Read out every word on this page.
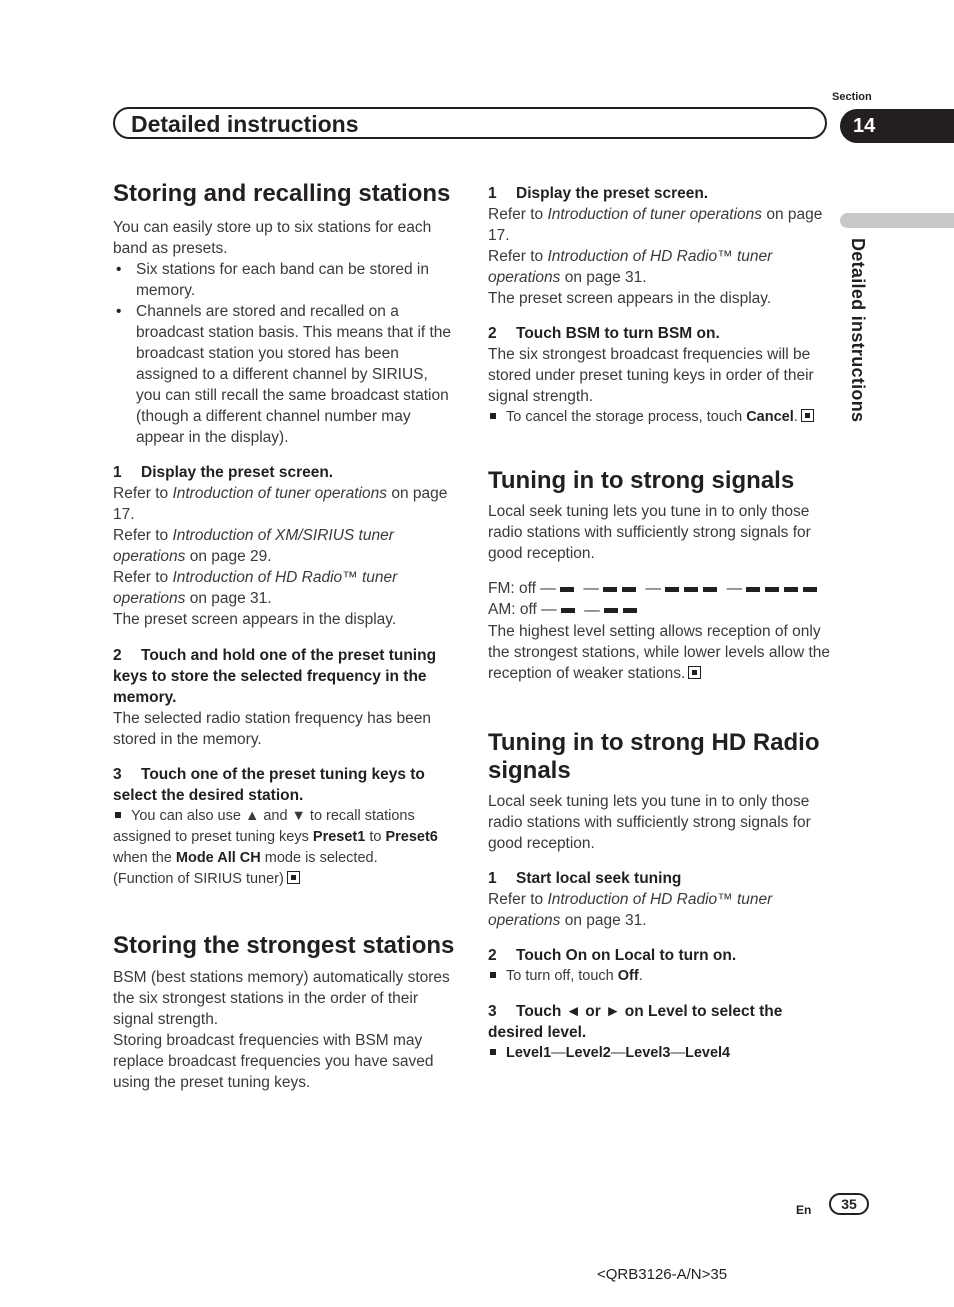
Detailed instructions
Section
14
Detailed instructions
Storing and recalling stations

You can easily store up to six stations for each band as presets.

• Six stations for each band can be stored in memory.
• Channels are stored and recalled on a broadcast station basis. This means that if the broadcast station you stored has been assigned to a different channel by SIRIUS, you can still recall the same broadcast station (though a different channel number may appear in the display).

1 Display the preset screen.

Refer to Introduction of tuner operations on page 17.

Refer to Introduction of XM/SIRIUS tuner operations on page 29.

Refer to Introduction of HD Radio™ tuner operations on page 31.

The preset screen appears in the display.

2 Touch and hold one of the preset tuning keys to store the selected frequency in the memory.

The selected radio station frequency has been stored in the memory.

3 Touch one of the preset tuning keys to select the desired station.

You can also use ▲ and ▼ to recall stations assigned to preset tuning keys Preset1 to Preset6 when the Mode All CH mode is selected.

(Function of SIRIUS tuner)

Storing the strongest stations

BSM (best stations memory) automatically stores the six strongest stations in the order of their signal strength.

Storing broadcast frequencies with BSM may replace broadcast frequencies you have saved using the preset tuning keys.

1 Display the preset screen.

Refer to Introduction of tuner operations on page 17.

Refer to Introduction of HD Radio™ tuner operations on page 31.

The preset screen appears in the display.

2 Touch BSM to turn BSM on.

The six strongest broadcast frequencies will be stored under preset tuning keys in order of their signal strength.

To cancel the storage process, touch Cancel.

Tuning in to strong signals

Local seek tuning lets you tune in to only those radio stations with sufficiently strong signals for good reception.

FM: off —  —  —	—

AM: off —  —

The highest level setting allows reception of only the strongest stations, while lower levels allow the reception of weaker stations.

Tuning in to strong HD Radio signals

Local seek tuning lets you tune in to only those radio stations with sufficiently strong signals for good reception.

1 Start local seek tuning

Refer to Introduction of HD Radio™ tuner operations on page 31.

2 Touch On on Local to turn on.

To turn off, touch Off.

3 Touch ◄ or ► on Level to select the desired level.

Level1—Level2—Level3—Level4

En	35
<QRB3126-A/N>35
